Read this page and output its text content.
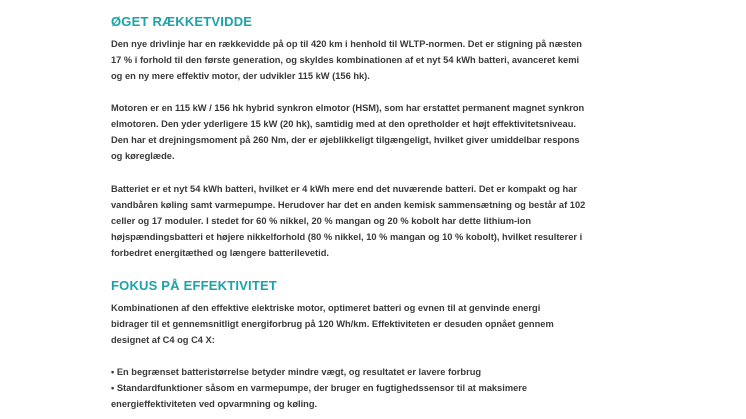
ØGET RÆKKETVIDDE

Den nye drivlinje har en rækkevidde på op til 420 km i henhold til WLTP-normen. Det er stigning på næsten
17 % i forhold til den første generation, og skyldes kombinationen af et nyt 54 kWh batteri, avanceret kemi
og en ny mere effektiv motor, der udvikler 115 kW (156 hk).

Motoren er en 115 kW / 156 hk hybrid synkron elmotor (HSM), som har erstattet permanent magnet synkron
elmotoren. Den yder yderligere 15 kW (20 hk), samtidig med at den opretholder et højt effektivitetsniveau.
Den har et drejningsmoment på 260 Nm, der er øjeblikkeligt tilgængeligt, hvilket giver umiddelbar respons
og køreglæde.

Batteriet er et nyt 54 kWh batteri, hvilket er 4 kWh mere end det nuværende batteri. Det er kompakt og har
vandbåren køling samt varmepumpe. Herudover har det en anden kemisk sammensætning og består af 102
celler og 17 moduler. I stedet for 60 % nikkel, 20 % mangan og 20 % kobolt har dette lithium-ion
højspændingsbatteri et højere nikkelforhold (80 % nikkel, 10 % mangan og 10 % kobolt), hvilket resulterer i
forbedret energitæthed og længere batterilevetid.

FOKUS PÅ EFFEKTIVITET

Kombinationen af den effektive elektriske motor, optimeret batteri og evnen til at genvinde energi
bidrager til et gennemsnitligt energiforbrug på 120 Wh/km. Effektiviteten er desuden opnået gennem
designet af C4 og C4 X:

• En begrænset batteristørrelse betyder mindre vægt, og resultatet er lavere forbrug
• Standardfunktioner såsom en varmepumpe, der bruger en fugtighedssensor til at maksimere
energieffektiviteten ved opvarmning og køling.
